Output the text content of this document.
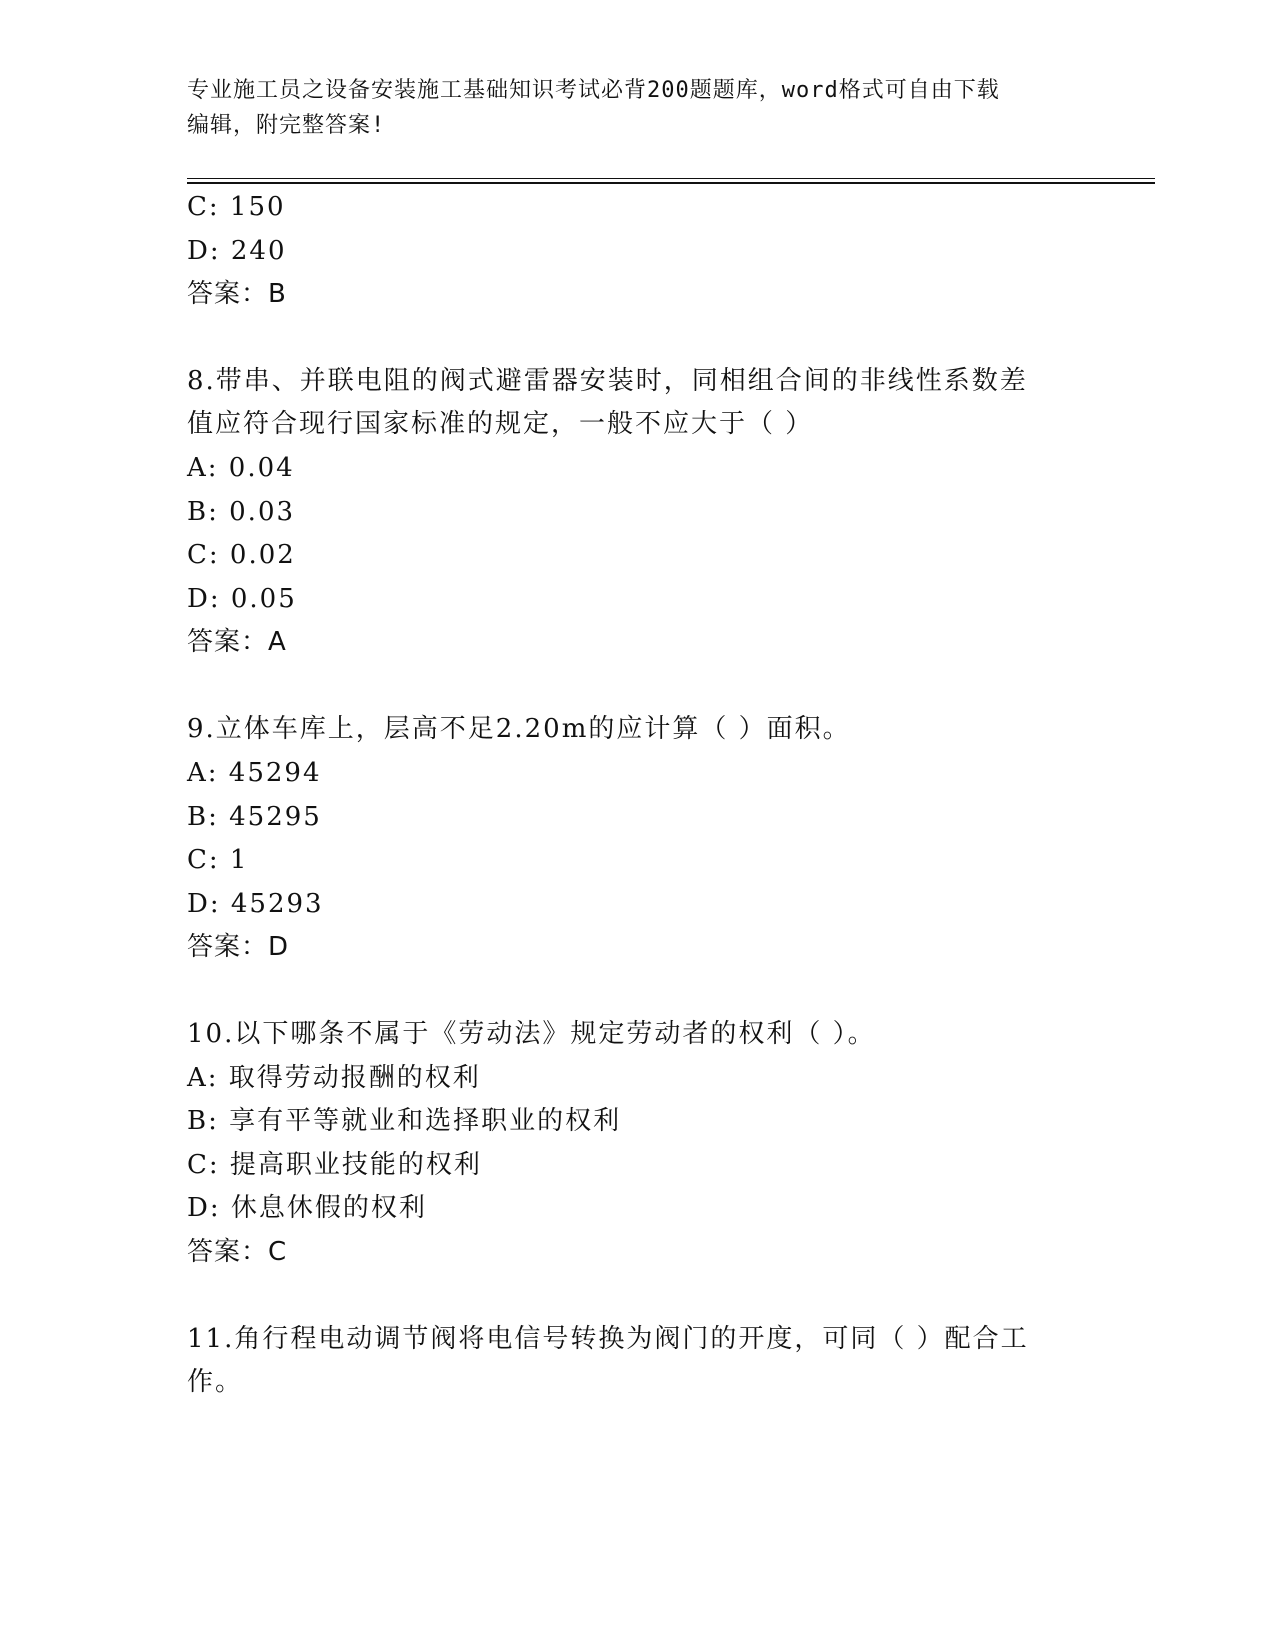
专业施工员之设备安装施工基础知识考试必背200题题库，word格式可自由下载
编辑，附完整答案!
C: 150
D: 240
答案：B
8.带串、并联电阻的阀式避雷器安装时，同相组合间的非线性系数差
值应符合现行国家标准的规定，一般不应大于（ ）
A: 0.04
B: 0.03
C: 0.02
D: 0.05
答案：A
9.立体车库上，层高不足2.20m的应计算（ ）面积。
A: 45294
B: 45295
C: 1
D: 45293
答案：D
10.以下哪条不属于《劳动法》规定劳动者的权利（ ）。
A: 取得劳动报酬的权利
B: 享有平等就业和选择职业的权利
C: 提高职业技能的权利
D: 休息休假的权利
答案：C
11.角行程电动调节阀将电信号转换为阀门的开度，可同（ ）配合工
作。
